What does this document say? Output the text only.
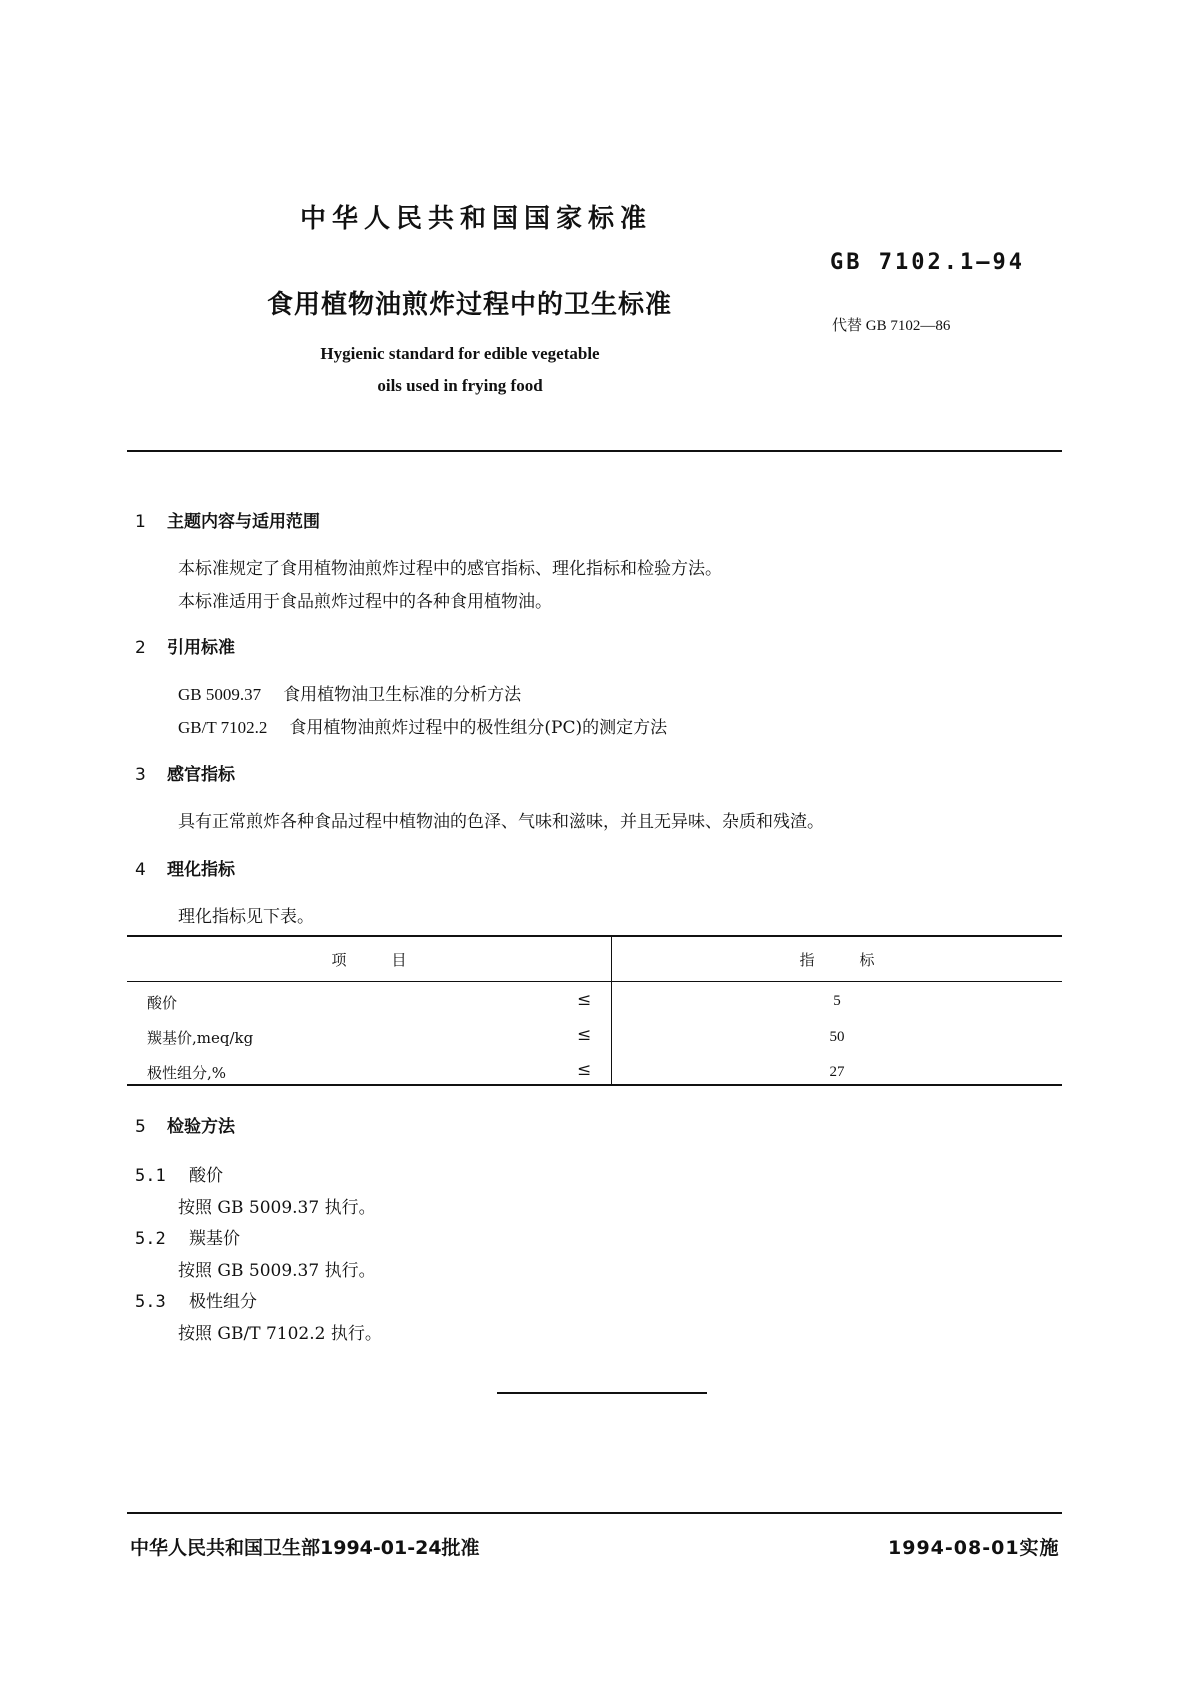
中华人民共和国国家标准
GB 7102.1—94
食用植物油煎炸过程中的卫生标准
代替 GB 7102—86
Hygienic standard for edible vegetable
oils used in frying food
1 主题内容与适用范围
本标准规定了食用植物油煎炸过程中的感官指标、理化指标和检验方法。
本标准适用于食品煎炸过程中的各种食用植物油。
2 引用标准
GB 5009.37 食用植物油卫生标准的分析方法
GB/T 7102.2 食用植物油煎炸过程中的极性组分(PC)的测定方法
3 感官指标
具有正常煎炸各种食品过程中植物油的色泽、气味和滋味，并且无异味、杂质和残渣。
4 理化指标
理化指标见下表。
项　　　目	指　　　标
酸价	≤	5
羰基价,meq/kg	≤	50
极性组分,%	≤	27
5 检验方法
5.1 酸价
按照 GB 5009.37 执行。
5.2 羰基价
按照 GB 5009.37 执行。
5.3 极性组分
按照 GB/T 7102.2 执行。
中华人民共和国卫生部1994-01-24批准	1994-08-01实施
